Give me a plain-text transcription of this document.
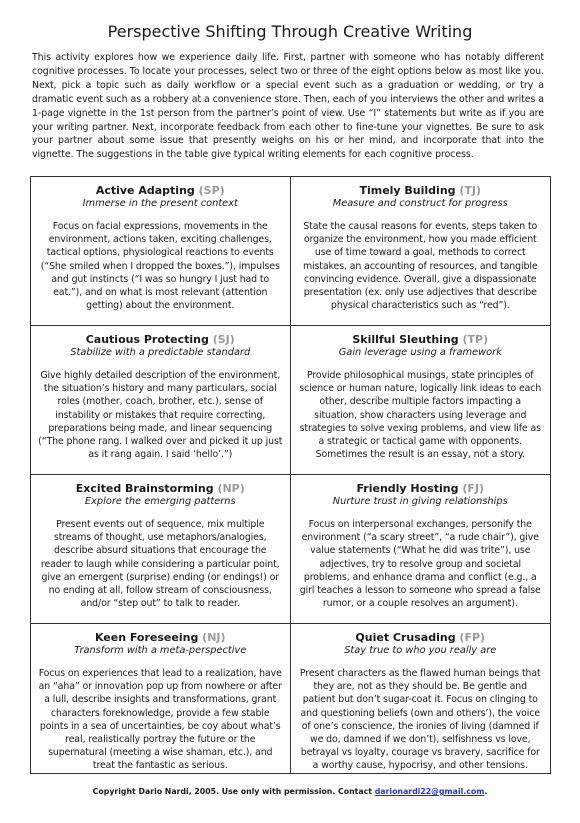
Perspective Shifting Through Creative Writing

This activity explores how we experience daily life. First, partner with someone who has notably different cognitive processes. To locate your processes, select two or three of the eight options below as most like you. Next, pick a topic such as daily workflow or a special event such as a graduation or wedding, or try a dramatic event such as a robbery at a convenience store. Then, each of you interviews the other and writes a 1-page vignette in the 1st person from the partner’s point of view. Use “I” statements but write as if you are your writing partner. Next, incorporate feedback from each other to fine-tune your vignettes. Be sure to ask your partner about some issue that presently weighs on his or her mind, and incorporate that into the vignette. The suggestions in the table give typical writing elements for each cognitive process.

Active Adapting (SP)

Immerse in the present context

Focus on facial expressions, movements in the environment, actions taken, exciting challenges, tactical options, physiological reactions to events (“She smiled when I dropped the boxes.”), impulses and gut instincts (“I was so hungry I just had to eat.”), and on what is most relevant (attention getting) about the environment.

Timely Building (TJ)

Measure and construct for progress

State the causal reasons for events, steps taken to organize the environment, how you made efficient use of time toward a goal, methods to correct mistakes, an accounting of resources, and tangible convincing evidence. Overall, give a dispassionate presentation (ex. only use adjectives that describe physical characteristics such as “red”).

Cautious Protecting (SJ)

Stabilize with a predictable standard

Give highly detailed description of the environment, the situation’s history and many particulars, social roles (mother, coach, brother, etc.), sense of instability or mistakes that require correcting, preparations being made, and linear sequencing (“The phone rang. I walked over and picked it up just as it rang again. I said ‘hello’.”)

Skillful Sleuthing (TP)

Gain leverage using a framework

Provide philosophical musings, state principles of science or human nature, logically link ideas to each other, describe multiple factors impacting a situation, show characters using leverage and strategies to solve vexing problems, and view life as a strategic or tactical game with opponents. Sometimes the result is an essay, not a story.

Excited Brainstorming (NP)

Explore the emerging patterns

Present events out of sequence, mix multiple streams of thought, use metaphors/analogies, describe absurd situations that encourage the reader to laugh while considering a particular point, give an emergent (surprise) ending (or endings!) or no ending at all, follow stream of consciousness, and/or “step out” to talk to reader.

Friendly Hosting (FJ)

Nurture trust in giving relationships

Focus on interpersonal exchanges, personify the environment (“a scary street”, “a rude chair”), give value statements (“What he did was trite”), use adjectives, try to resolve group and societal problems, and enhance drama and conflict (e.g., a girl teaches a lesson to someone who spread a false rumor, or a couple resolves an argument).

Keen Foreseeing (NJ)

Transform with a meta-perspective

Focus on experiences that lead to a realization, have an “aha” or innovation pop up from nowhere or after a lull, describe insights and transformations, grant characters foreknowledge, provide a few stable points in a sea of uncertainties, be coy about what’s real, realistically portray the future or the supernatural (meeting a wise shaman, etc.), and treat the fantastic as serious.

Quiet Crusading (FP)

Stay true to who you really are

Present characters as the flawed human beings that they are, not as they should be. Be gentle and patient but don’t sugar-coat it. Focus on clinging to and questioning beliefs (own and others’), the voice of one’s conscience, the ironies of living (damned if we do, damned if we don’t), selfishness vs love, betrayal vs loyalty, courage vs bravery, sacrifice for a worthy cause, hypocrisy, and other tensions.

Copyright Dario Nardi, 2005. Use only with permission. Contact darionardi22@gmail.com.
